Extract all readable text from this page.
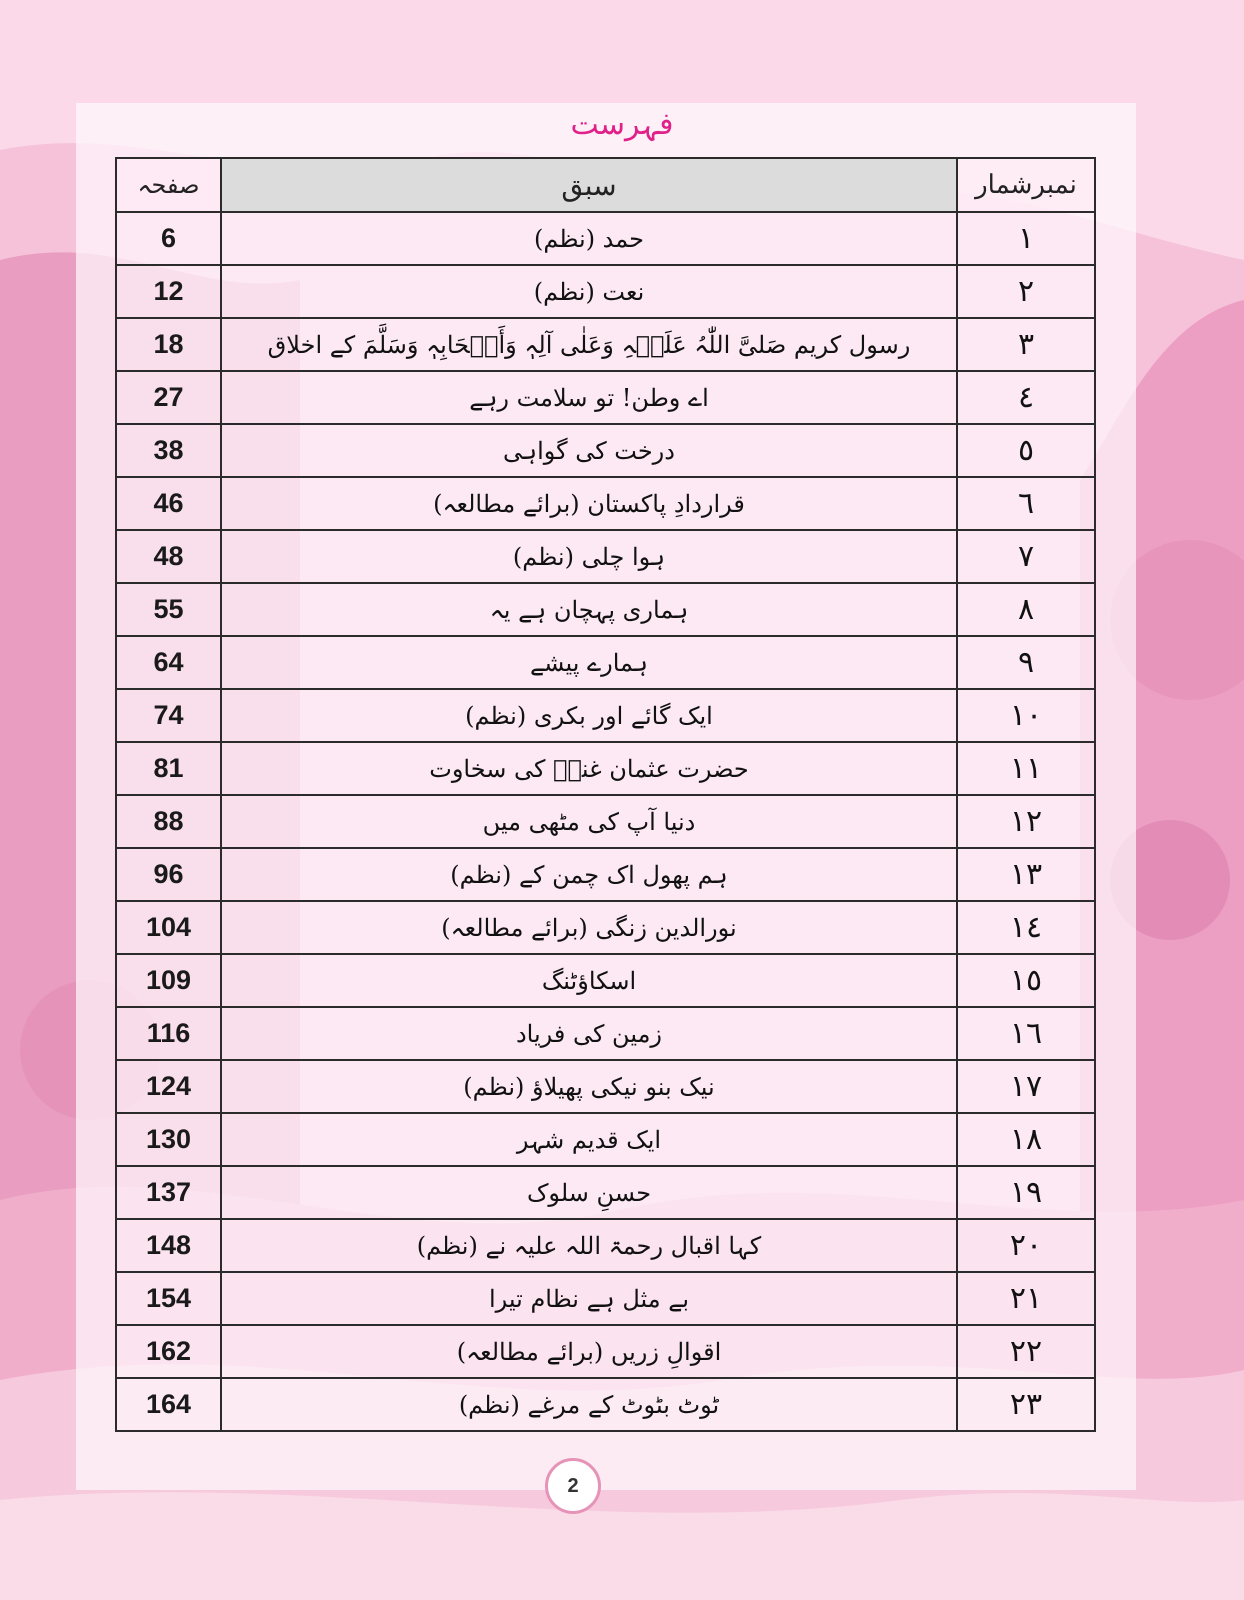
فہرست
نمبرشمار	سبق	صفحہ
١	حمد (نظم)	6
٢	نعت (نظم)	12
٣	رسول کریم صَلیَّ اللّٰہُ عَلَیۡہِ وَعَلٰی آلِہٖ وَأَصۡحَابِہٖ وَسَلَّمَ کے اخلاق	18
٤	اے وطن! تو سلامت رہے	27
٥	درخت کی گواہی	38
٦	قراردادِ پاکستان (برائے مطالعہ)	46
٧	ہوا چلی (نظم)	48
٨	ہماری پہچان ہے یہ	55
٩	ہمارے پیشے	64
١٠	ایک گائے اور بکری (نظم)	74
١١	حضرت عثمان غنیؓ کی سخاوت	81
١٢	دنیا آپ کی مٹھی میں	88
١٣	ہم پھول اک چمن کے (نظم)	96
١٤	نورالدین زنگی (برائے مطالعہ)	104
١٥	اسکاؤٹنگ	109
١٦	زمین کی فریاد	116
١٧	نیک بنو نیکی پھیلاؤ (نظم)	124
١٨	ایک قدیم شہر	130
١٩	حسنِ سلوک	137
٢٠	کہا اقبال رحمۃ اللہ علیہ نے (نظم)	148
٢١	بے مثل ہے نظام تیرا	154
٢٢	اقوالِ زریں (برائے مطالعہ)	162
٢٣	ٹوٹ بٹوٹ کے مرغے (نظم)	164
2
